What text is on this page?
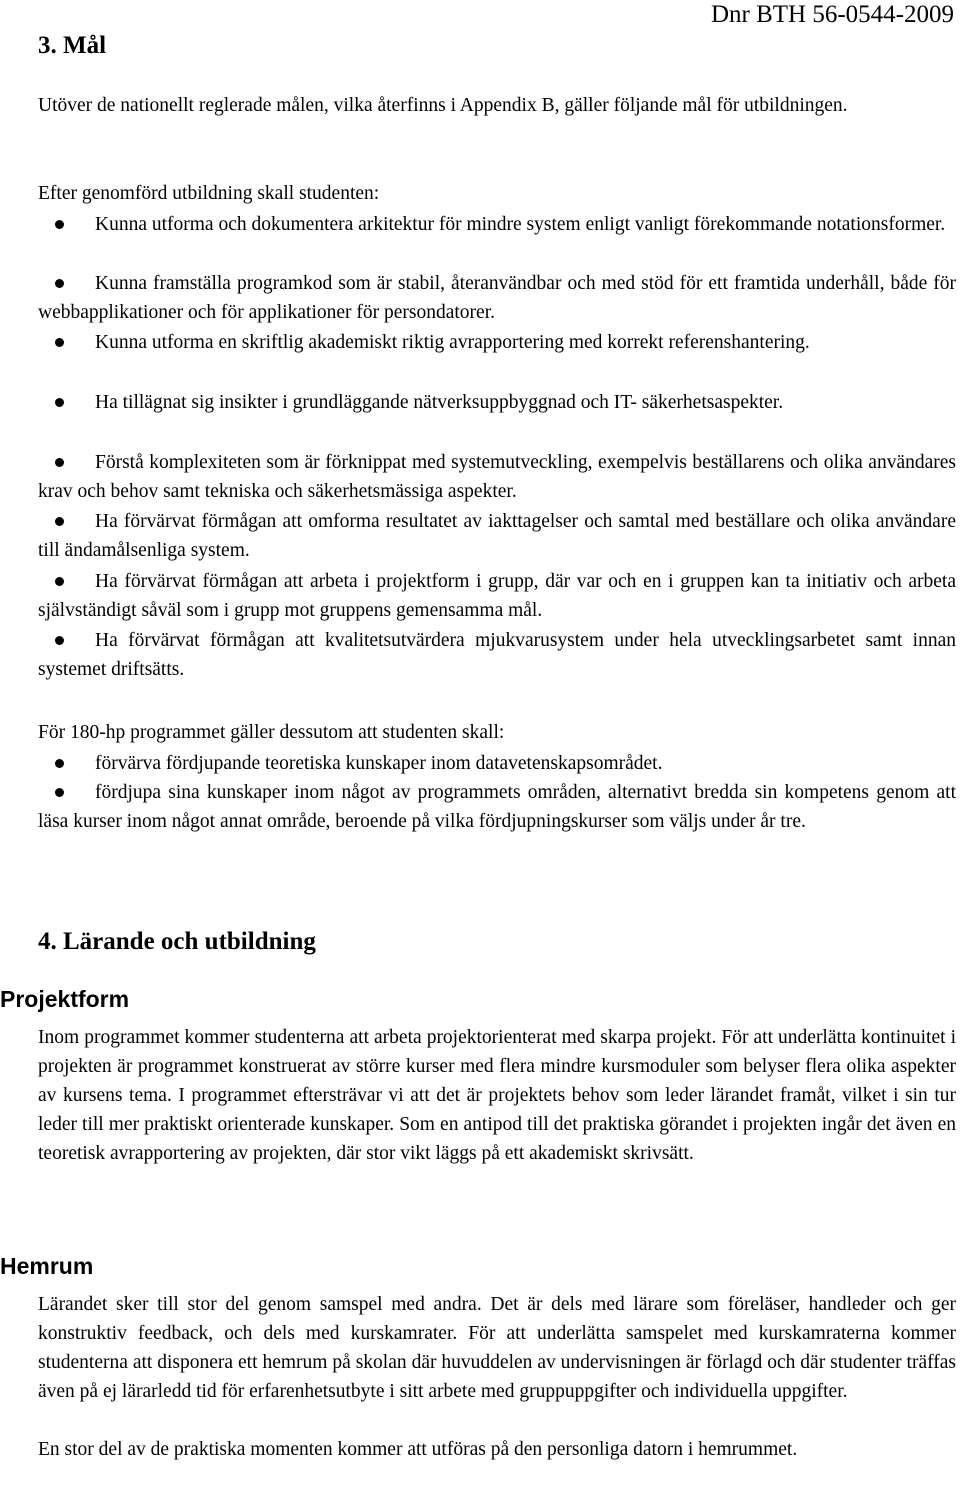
3. Mål
Dnr BTH 56-0544-2009

Utöver de nationellt reglerade målen, vilka återfinns i Appendix B, gäller följande mål för utbildningen.

Efter genomförd utbildning skall studenten:

Kunna utforma och dokumentera arkitektur för mindre system enligt vanligt förekommande notationsformer.

Kunna framställa programkod som är stabil, återanvändbar och med stöd för ett framtida underhåll, både för webbapplikationer och för applikationer för persondatorer.

Kunna utforma en skriftlig akademiskt riktig avrapportering med korrekt referenshantering.

Ha tillägnat sig insikter i grundläggande nätverksuppbyggnad och IT- säkerhetsaspekter.

Förstå komplexiteten som är förknippat med systemutveckling, exempelvis beställarens och olika användares krav och behov samt tekniska och säkerhetsmässiga aspekter.

Ha förvärvat förmågan att omforma resultatet av iakttagelser och samtal med beställare och olika användare till ändamålsenliga system.

Ha förvärvat förmågan att arbeta i projektform i grupp, där var och en i gruppen kan ta initiativ och arbeta självständigt såväl som i grupp mot gruppens gemensamma mål.

Ha förvärvat förmågan att kvalitetsutvärdera mjukvarusystem under hela utvecklingsarbetet samt innan systemet driftsätts.

För 180-hp programmet gäller dessutom att studenten skall:

förvärva fördjupande teoretiska kunskaper inom datavetenskapsområdet.

fördjupa sina kunskaper inom något av programmets områden, alternativt bredda sin kompetens genom att läsa kurser inom något annat område, beroende på vilka fördjupningskurser som väljs under år tre.

4. Lärande och utbildning
Projektform

Inom programmet kommer studenterna att arbeta projektorienterat med skarpa projekt. För att underlätta kontinuitet i projekten är programmet konstruerat av större kurser med flera mindre kursmoduler som belyser flera olika aspekter av kursens tema. I programmet eftersträvar vi att det är projektets behov som leder lärandet framåt, vilket i sin tur leder till mer praktiskt orienterade kunskaper. Som en antipod till det praktiska görandet i projekten ingår det även en teoretisk avrapportering av projekten, där stor vikt läggs på ett akademiskt skrivsätt.

Hemrum

Lärandet sker till stor del genom samspel med andra. Det är dels med lärare som föreläser, handleder och ger konstruktiv feedback, och dels med kurskamrater. För att underlätta samspelet med kurskamraterna kommer studenterna att disponera ett hemrum på skolan där huvuddelen av undervisningen är förlagd och där studenter träffas även på ej lärarledd tid för erfarenhetsutbyte i sitt arbete med gruppuppgifter och individuella uppgifter.

En stor del av de praktiska momenten kommer att utföras på den personliga datorn i hemrummet.
